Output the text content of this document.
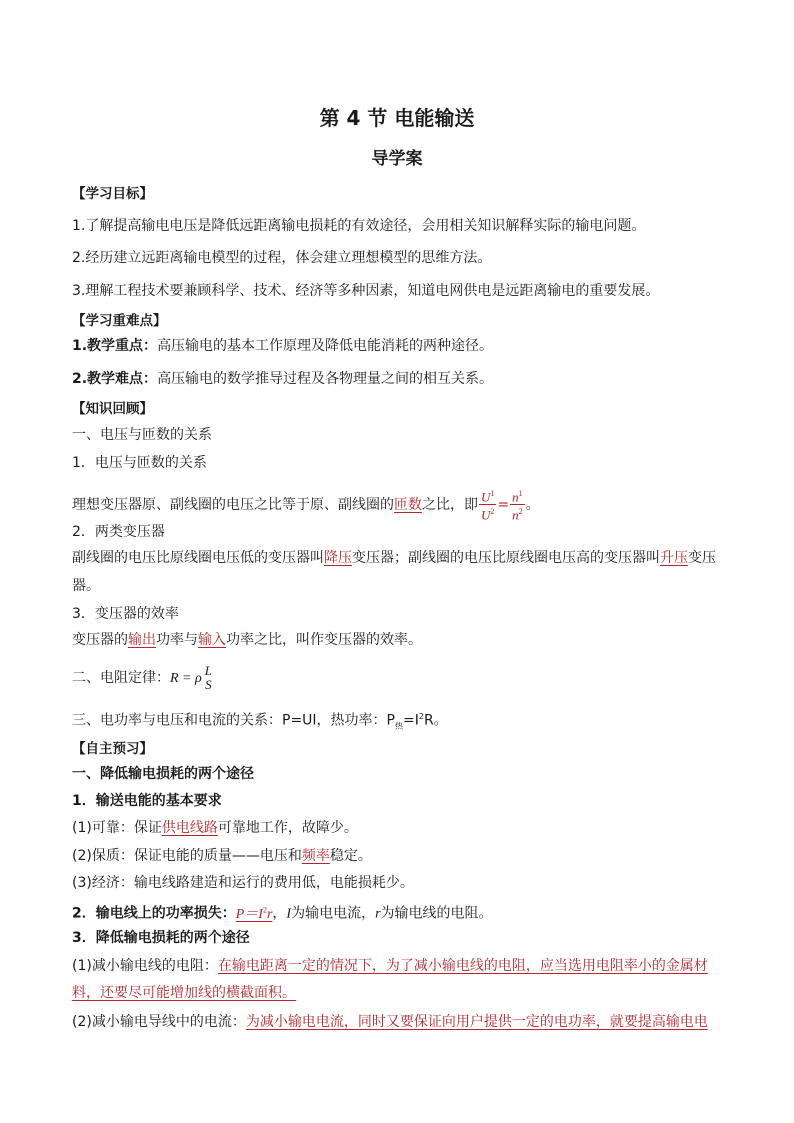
第 4 节 电能输送
导学案
【学习目标】
1.了解提高输电电压是降低远距离输电损耗的有效途径，会用相关知识解释实际的输电问题。
2.经历建立远距离输电模型的过程，体会建立理想模型的思维方法。
3.理解工程技术要兼顾科学、技术、经济等多种因素，知道电网供电是远距离输电的重要发展。
【学习重难点】
1.教学重点：高压输电的基本工作原理及降低电能消耗的两种途径。
2.教学难点：高压输电的数学推导过程及各物理量之间的相互关系。
【知识回顾】
一、电压与匝数的关系
1．电压与匝数的关系
理想变压器原、副线圈的电压之比等于原、副线圈的匝数之比，即 $\frac{U^1}{U^2} = \frac{n^1}{n^2}$ 。
2．两类变压器
副线圈的电压比原线圈电压低的变压器叫降压变压器；副线圈的电压比原线圈电压高的变压器叫升压变压
器。
3．变压器的效率
变压器的输出功率与输入功率之比，叫作变压器的效率。
二、电阻定律：R = ρ
L
S
三、电功率与电压和电流的关系：P=UI，热功率：$P_热=I^2R$。
【自主预习】
一、降低输电损耗的两个途径
1．输送电能的基本要求
(1)可靠：保证供电线路可靠地工作，故障少。
(2)保质：保证电能的质量——电压和频率稳定。
(3)经济：输电线路建造和运行的费用低，电能损耗少。
2．输电线上的功率损失：$P=I^2r$，I为输电电流，r为输电线的电阻。
3．降低输电损耗的两个途径
(1)减小输电线的电阻：在输电距离一定的情况下，为了减小输电线的电阻，应当选用电阻率小的金属材
料，还要尽可能增加线的横截面积。
(2)减小输电导线中的电流：为减小输电电流，同时又要保证向用户提供一定的电功率，就要提高输电电
